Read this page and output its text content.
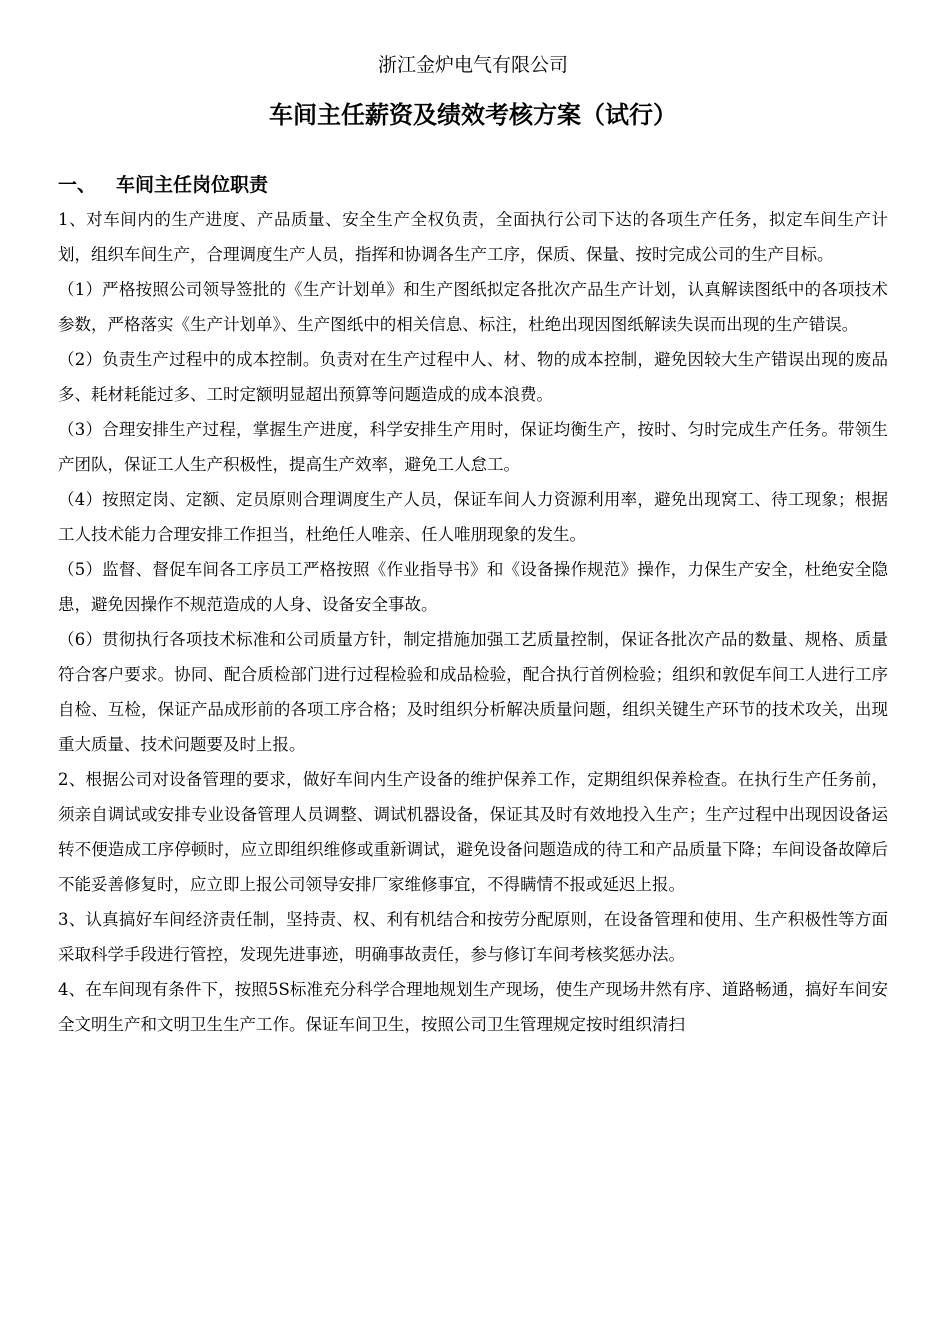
浙江金炉电气有限公司

车间主任薪资及绩效考核方案（试行）
一、	车间主任岗位职责

1、对车间内的生产进度、产品质量、安全生产全权负责，全面执行公司下达的各项生产任务，拟定车间生产计划，组织车间生产，合理调度生产人员，指挥和协调各生产工序，保质、保量、按时完成公司的生产目标。

（1）严格按照公司领导签批的《生产计划单》和生产图纸拟定各批次产品生产计划，认真解读图纸中的各项技术参数，严格落实《生产计划单》、生产图纸中的相关信息、标注，杜绝出现因图纸解读失误而出现的生产错误。

（2）负责生产过程中的成本控制。负责对在生产过程中人、材、物的成本控制，避免因较大生产错误出现的废品多、耗材耗能过多、工时定额明显超出预算等问题造成的成本浪费。

（3）合理安排生产过程，掌握生产进度，科学安排生产用时，保证均衡生产，按时、匀时完成生产任务。带领生产团队，保证工人生产积极性，提高生产效率，避免工人怠工。

（4）按照定岗、定额、定员原则合理调度生产人员，保证车间人力资源利用率，避免出现窝工、待工现象；根据工人技术能力合理安排工作担当，杜绝任人唯亲、任人唯朋现象的发生。

（5）监督、督促车间各工序员工严格按照《作业指导书》和《设备操作规范》操作，力保生产安全，杜绝安全隐患，避免因操作不规范造成的人身、设备安全事故。

（6）贯彻执行各项技术标准和公司质量方针，制定措施加强工艺质量控制，保证各批次产品的数量、规格、质量符合客户要求。协同、配合质检部门进行过程检验和成品检验，配合执行首例检验；组织和敦促车间工人进行工序自检、互检，保证产品成形前的各项工序合格；及时组织分析解决质量问题，组织关键生产环节的技术攻关，出现重大质量、技术问题要及时上报。

2、根据公司对设备管理的要求，做好车间内生产设备的维护保养工作，定期组织保养检查。在执行生产任务前，须亲自调试或安排专业设备管理人员调整、调试机器设备，保证其及时有效地投入生产；生产过程中出现因设备运转不便造成工序停顿时，应立即组织维修或重新调试，避免设备问题造成的待工和产品质量下降；车间设备故障后不能妥善修复时，应立即上报公司领导安排厂家维修事宜，不得瞒情不报或延迟上报。

3、认真搞好车间经济责任制，坚持责、权、利有机结合和按劳分配原则，在设备管理和使用、生产积极性等方面采取科学手段进行管控，发现先进事迹，明确事故责任，参与修订车间考核奖惩办法。

4、在车间现有条件下，按照5S标准充分科学合理地规划生产现场，使生产现场井然有序、道路畅通，搞好车间安全文明生产和文明卫生生产工作。保证车间卫生，按照公司卫生管理规定按时组织清扫
